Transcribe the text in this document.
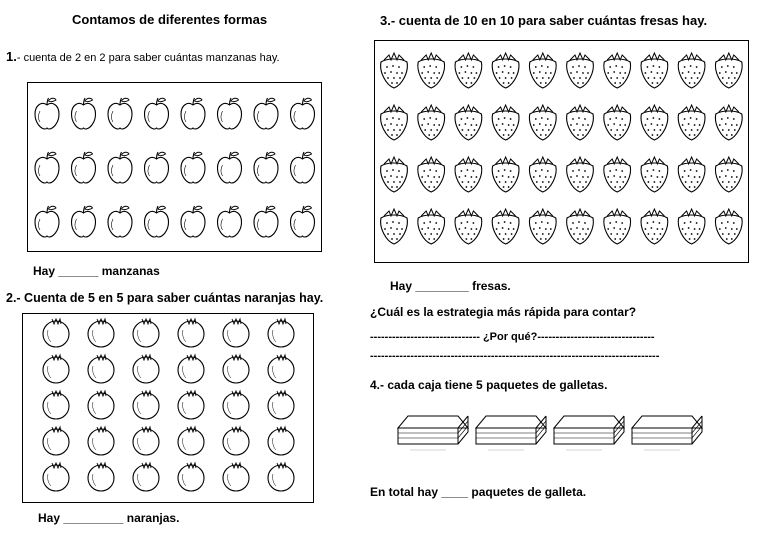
Contamos de diferentes formas
1.- cuenta de 2 en 2 para saber cuántas manzanas hay.
Hay ______ manzanas
2.- Cuenta de 5 en 5 para saber cuántas naranjas hay.
Hay _________ naranjas.
3.- cuenta de 10 en 10 para saber cuántas fresas hay.
Hay ________ fresas.
¿Cuál es la estrategia más rápida para contar?
------------------------------ ¿Por qué?--------------------------------
-------------------------------------------------------------------------------
4.- cada caja tiene 5 paquetes de galletas.
En total hay ____ paquetes de galleta.
